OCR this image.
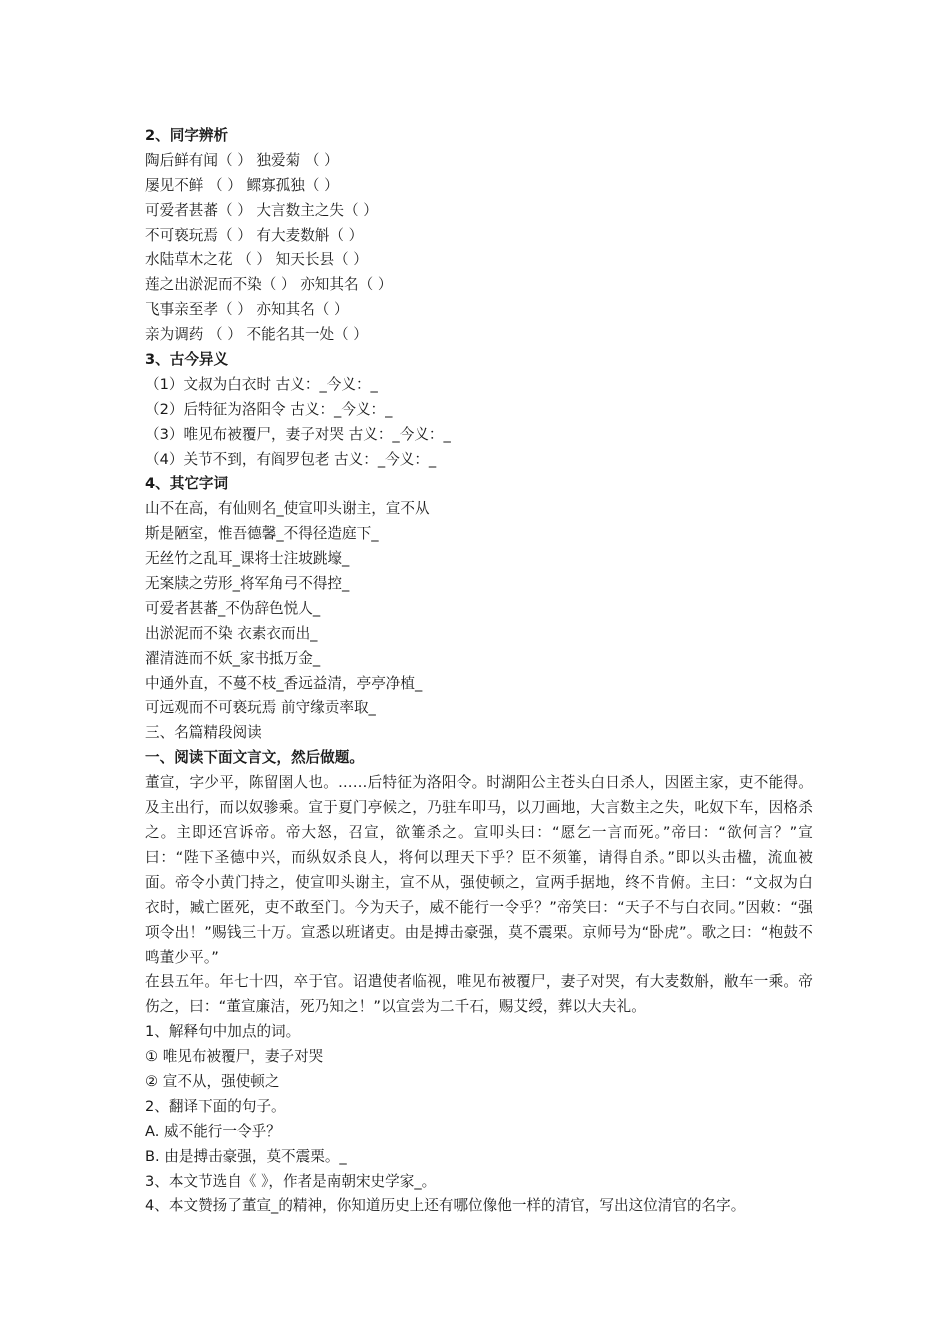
2、同字辨析
陶后鲜有闻（ ） 独爱菊 （ ）
屡见不鲜 （ ） 鳏寡孤独（ ）
可爱者甚蕃（ ） 大言数主之失（ ）
不可亵玩焉（ ） 有大麦数斛（ ）
水陆草木之花 （ ） 知天长县（ ）
莲之出淤泥而不染（ ） 亦知其名（ ）
飞事亲至孝（ ） 亦知其名（ ）
亲为调药 （ ） 不能名其一处（ ）
3、古今异义
（1）文叔为白衣时 古义：_今义：_
（2）后特征为洛阳令 古义：_今义：_
（3）唯见布被覆尸，妻子对哭 古义：_今义：_
（4）关节不到，有阎罗包老 古义：_今义：_
4、其它字词
山不在高，有仙则名_使宣叩头谢主，宣不从
斯是陋室，惟吾德馨_不得径造庭下_
无丝竹之乱耳_课将士注坡跳壕_
无案牍之劳形_将军角弓不得控_
可爱者甚蕃_不伪辞色悦人_
出淤泥而不染 衣素衣而出_
濯清涟而不妖_家书抵万金_
中通外直，不蔓不枝_香远益清，亭亭净植_
可远观而不可亵玩焉 前守缘贡率取_
三、名篇精段阅读
一、阅读下面文言文，然后做题。
董宣，字少平，陈留圉人也。……后特征为洛阳令。时湖阳公主苍头白日杀人，因匿主家，吏不能得。及主出行，而以奴骖乘。宣于夏门亭候之，乃驻车叩马，以刀画地，大言数主之失，叱奴下车，因格杀之。主即还宫诉帝。帝大怒，召宣，欲箠杀之。宣叩头曰：“愿乞一言而死。”帝曰：“欲何言？”宣曰：“陛下圣德中兴，而纵奴杀良人，将何以理天下乎？臣不须箠，请得自杀。”即以头击楹，流血被面。帝令小黄门持之，使宣叩头谢主，宣不从，强使顿之，宣两手据地，终不肯俯。主曰：“文叔为白衣时，臧亡匿死，吏不敢至门。今为天子，威不能行一令乎？”帝笑曰：“天子不与白衣同。”因敕：“强项令出！”赐钱三十万。宣悉以班诸吏。由是搏击豪强，莫不震栗。京师号为“卧虎”。歌之曰：“枹鼓不鸣董少平。”
在县五年。年七十四，卒于官。诏遣使者临视，唯见布被覆尸，妻子对哭，有大麦数斛，敝车一乘。帝伤之，曰：“董宣廉洁，死乃知之！”以宣尝为二千石，赐艾绶，葬以大夫礼。
1、解释句中加点的词。
① 唯见布被覆尸，妻子对哭
② 宣不从，强使顿之
2、翻译下面的句子。
A. 威不能行一令乎？
B. 由是搏击豪强，莫不震栗。_
3、本文节选自《 》，作者是南朝宋史学家_。
4、本文赞扬了董宣_的精神，你知道历史上还有哪位像他一样的清官，写出这位清官的名字。
